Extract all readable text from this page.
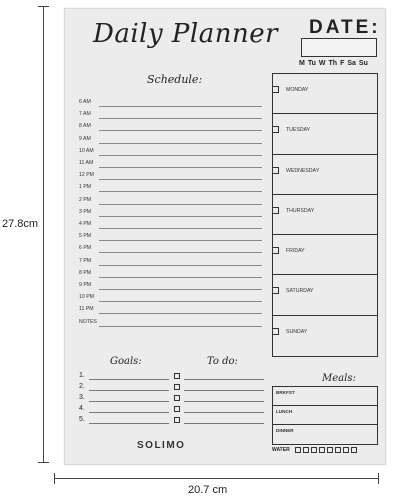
27.8cm
20.7 cm
Daily Planner DATE:
M Tu W Th F Sa Su
Schedule:
6 AM
7 AM
8 AM
9 AM
10 AM
11 AM
12 PM
1 PM
2 PM
3 PM
4 PM
5 PM
6 PM
7 PM
8 PM
9 PM
10 PM
11 PM
NOTES
MONDAY
TUESDAY
WEDNESDAY
THURSDAY
FRIDAY
SATURDAY
SUNDAY
Goals:	To do:
1.
2.
3.
4.
5.
Meals:
BRKFST
LUNCH
DINNER
WATER
SOLIMO
